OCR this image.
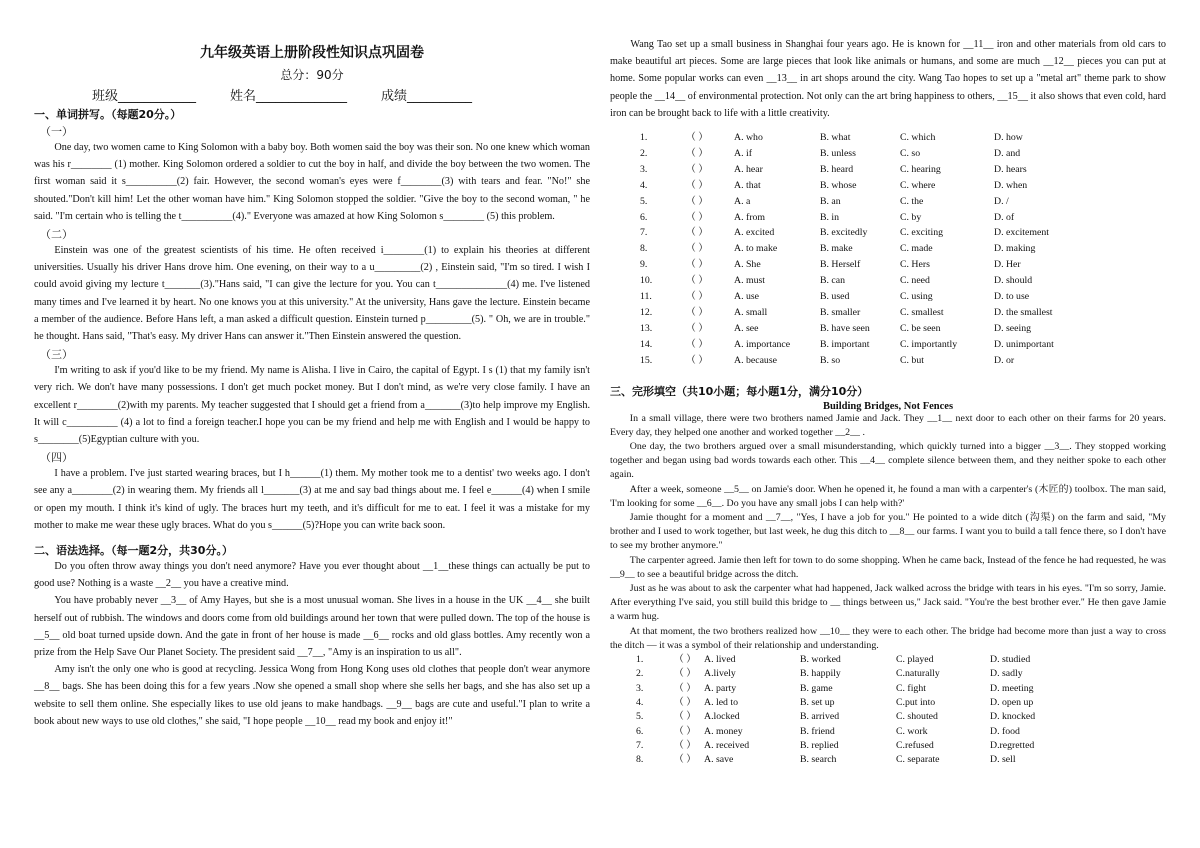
九年级英语上册阶段性知识点巩固卷
总分：90分
班级____________	姓名______________	成绩__________
一、单词拼写。（每题20分。）
（一）

One day, two women came to King Solomon with a baby boy. Both women said the boy was their son. No one knew which woman was his r________ (1) mother. King Solomon ordered a soldier to cut the boy in half, and divide the boy between the two women. The first woman said it s__________(2) fair. However, the second woman's eyes were f________(3) with tears and fear. "No!" she shouted."Don't kill him! Let the other woman have him." King Solomon stopped the soldier. "Give the boy to the second woman, " he said. "I'm certain who is telling the t__________(4)." Everyone was amazed at how King Solomon s________ (5) this problem.

（二）

Einstein was one of the greatest scientists of his time. He often received i________(1) to explain his theories at different universities. Usually his driver Hans drove him. One evening, on their way to a u_________(2) , Einstein said, "I'm so tired. I wish I could avoid giving my lecture t_______(3)."Hans said, "I can give the lecture for you. You can t______________(4) me. I've listened many times and I've learned it by heart. No one knows you at this university." At the university, Hans gave the lecture. Einstein became a member of the audience. Before Hans left, a man asked a difficult question. Einstein turned p_________(5). " Oh, we are in trouble." he thought. Hans said, "That's easy. My driver Hans can answer it."Then Einstein answered the question.

（三）

I'm writing to ask if you'd like to be my friend. My name is Alisha. I live in Cairo, the capital of Egypt. I s (1) that my family isn't very rich. We don't have many possessions. I don't get much pocket money. But I don't mind, as we're very close family. I have an excellent r________(2)with my parents. My teacher suggested that I should get a friend from a_______(3)to help improve my English. It will c__________ (4) a lot to find a foreign teacher.I hope you can be my friend and help me with English and I would be happy to s________(5)Egyptian culture with you.

（四）

I have a problem. I've just started wearing braces, but I h______(1) them. My mother took me to a dentist' two weeks ago. I don't see any a________(2) in wearing them. My friends all l_______(3) at me and say bad things about me. I feel e______(4) when I smile or open my mouth. I think it's kind of ugly. The braces hurt my teeth, and it's difficult for me to eat. I feel it was a mistake for my mother to make me wear these ugly braces. What do you s______(5)?Hope you can write back soon.

二、语法选择。（每一题2分，共30分。）

Do you often throw away things you don't need anymore? Have you ever thought about __1__these things can actually be put to good use? Nothing is a waste __2__ you have a creative mind.

You have probably never __3__ of Amy Hayes, but she is a most unusual woman. She lives in a house in the UK __4__ she built herself out of rubbish. The windows and doors come from old buildings around her town that were pulled down. The top of the house is __5__ old boat turned upside down. And the gate in front of her house is made __6__ rocks and old glass bottles. Amy recently won a prize from the Help Save Our Planet Society. The president said __7__, "Amy is an inspiration to us all".

Amy isn't the only one who is good at recycling. Jessica Wong from Hong Kong uses old clothes that people don't wear anymore __8__ bags. She has been doing this for a few years .Now she opened a small shop where she sells her bags, and she has also set up a website to sell them online. She especially likes to use old jeans to make handbags. __9__ bags are cute and useful."I plan to write a book about new ways to use old clothes," she said, "I hope people __10__ read my book and enjoy it!"

Wang Tao set up a small business in Shanghai four years ago. He is known for __11__ iron and other materials from old cars to make beautiful art pieces. Some are large pieces that look like animals or humans, and some are much __12__ pieces you can put at home. Some popular works can even __13__ in art shops around the city. Wang Tao hopes to set up a "metal art" theme park to show people the __14__ of environmental protection. Not only can the art bring happiness to others, __15__ it also shows that even cold, hard iron can be brought back to life with a little creativity.

1.	（ ）	A. who	B. what	C. which	D. how
2.	（ ）	A. if	B. unless	C. so	D. and
3.	（ ）	A. hear	B. heard	C. hearing	D. hears
4.	（ ）	A. that	B. whose	C. where	D. when
5.	（ ）	A. a	B. an	C. the	D. /
6.	（ ）	A. from	B. in	C. by	D. of
7.	（ ）	A. excited	B. excitedly	C. exciting	D. excitement
8.	（ ）	A. to make	B. make	C. made	D. making
9.	（ ）	A. She	B. Herself	C. Hers	D. Her
10.	（ ）	A. must	B. can	C. need	D. should
11.	（ ）	A. use	B. used	C. using	D. to use
12.	（ ）	A. small	B. smaller	C. smallest	D. the smallest
13.	（ ）	A. see	B. have seen	C. be seen	D. seeing
14.	（ ）	A. importance	B. important	C. importantly	D. unimportant
15.	（ ）	A. because	B. so	C. but	D. or
三、完形填空（共10小题；每小题1分，满分10分）
Building Bridges, Not Fences

In a small village, there were two brothers named Jamie and Jack. They __1__ next door to each other on their farms for 20 years. Every day, they helped one another and worked together __2__ .

One day, the two brothers argued over a small misunderstanding, which quickly turned into a bigger __3__. They stopped working together and began using bad words towards each other. This __4__ complete silence between them, and they neither spoke to each other again.

After a week, someone __5__ on Jamie's door. When he opened it, he found a man with a carpenter's (木匠的) toolbox. The man said, 'I'm looking for some __6__. Do you have any small jobs I can help with?'

Jamie thought for a moment and __7__, "Yes, I have a job for you." He pointed to a wide ditch (沟渠) on the farm and said, "My brother and I used to work together, but last week, he dug this ditch to __8__ our farms. I want you to build a tall fence there, so I don't have to see my brother anymore."

The carpenter agreed. Jamie then left for town to do some shopping. When he came back, Instead of the fence he had requested, he was __9__ to see a beautiful bridge across the ditch.

Just as he was about to ask the carpenter what had happened, Jack walked across the bridge with tears in his eyes. "I'm so sorry, Jamie. After everything I've said, you still build this bridge to __ things between us," Jack said. "You're the best brother ever." He then gave Jamie a warm hug.

At that moment, the two brothers realized how __10__ they were to each other. The bridge had become more than just a way to cross the ditch — it was a symbol of their relationship and understanding.

1.	（ ） A. lived	B. worked	C. played	D. studied
2.	（ ） A.lively	B. happily	C.naturally	D. sadly
3.	（ ） A. party	B. game	C. fight	D. meeting
4.	（ ） A. led to	B. set up	C.put into	D. open up
5.	（ ） A.locked	B. arrived	C. shouted	D. knocked
6.	（ ） A. money	B. friend	C. work	D. food
7.	（ ） A. received	B. replied	C.refused	D.regretted
8.	（ ） A. save	B. search	C. separate	D. sell
